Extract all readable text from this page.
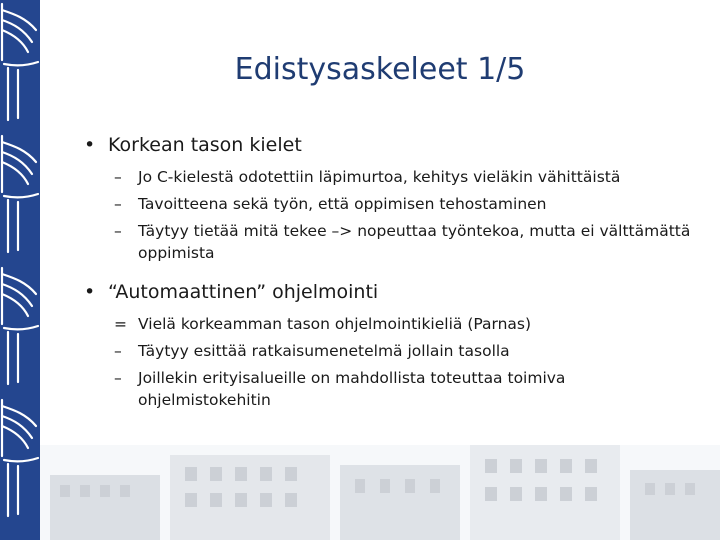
Edistysaskeleet 1/5
• Korkean tason kielet
– Jo C-kielestä odotettiin läpimurtoa, kehitys vieläkin vähittäistä
– Tavoitteena sekä työn, että oppimisen tehostaminen
– Täytyy tietää mitä tekee –> nopeuttaa työntekoa, mutta ei välttämättä oppimista
• “Automaattinen” ohjelmointi
= Vielä korkeamman tason ohjelmointikieliä (Parnas)
– Täytyy esittää ratkaisumenetelmä jollain tasolla
– Joillekin erityisalueille on mahdollista toteuttaa toimiva ohjelmistokehitin
